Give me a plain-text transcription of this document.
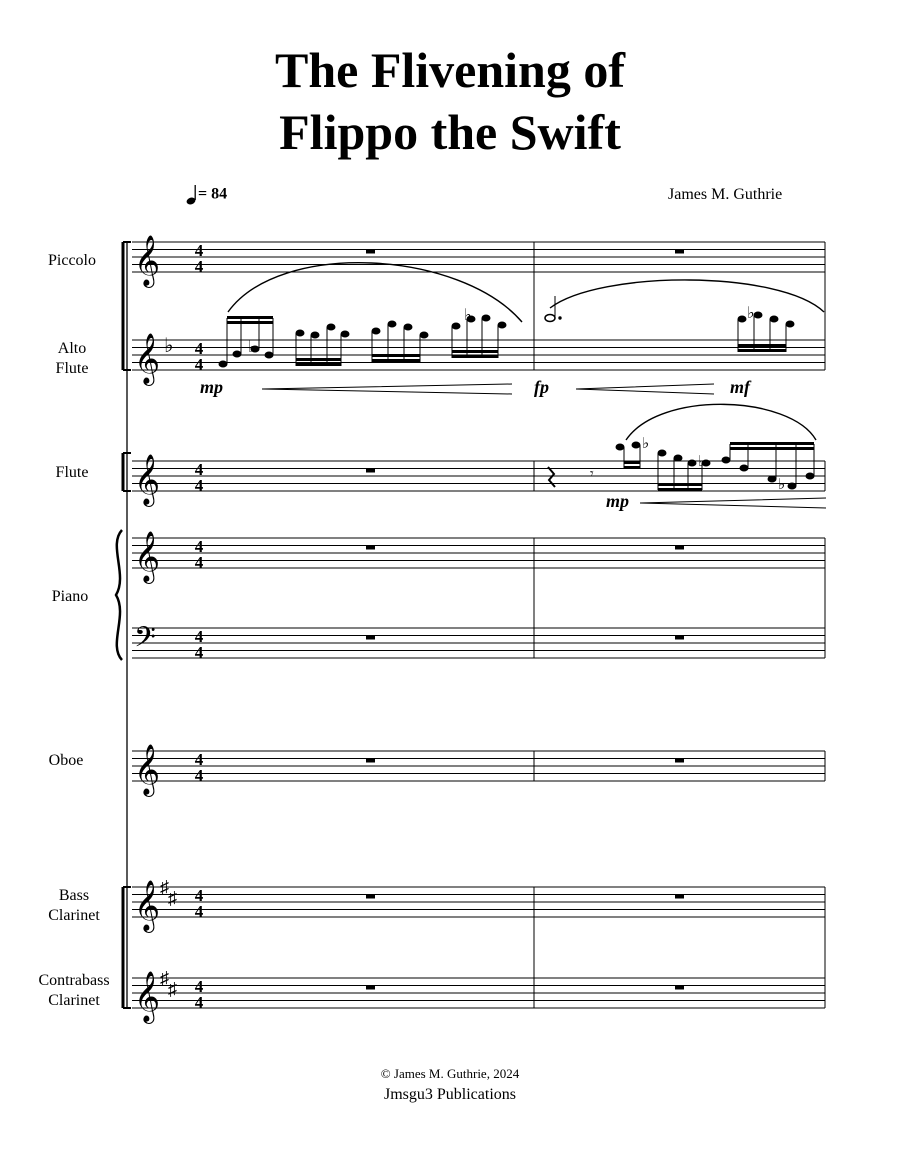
The Flivening of
Flippo the Swift
= 84	James M. Guthrie
Piccolo
Alto
Flute
Flute
Piano
Oboe
Bass
Clarinet
Contrabass
Clarinet
𝄞
𝄞
𝄞
𝄞
𝄞
𝄞
𝄞
𝄢
♭
♯
♯
♯
♯
4
4
4
4
4
4
4
4
4
4
4
4
4
4
4
4
♭
♭	♭
mp	fp	mf
𝄾
♭
♭
♭
mp
© James M. Guthrie, 2024
Jmsgu3 Publications
